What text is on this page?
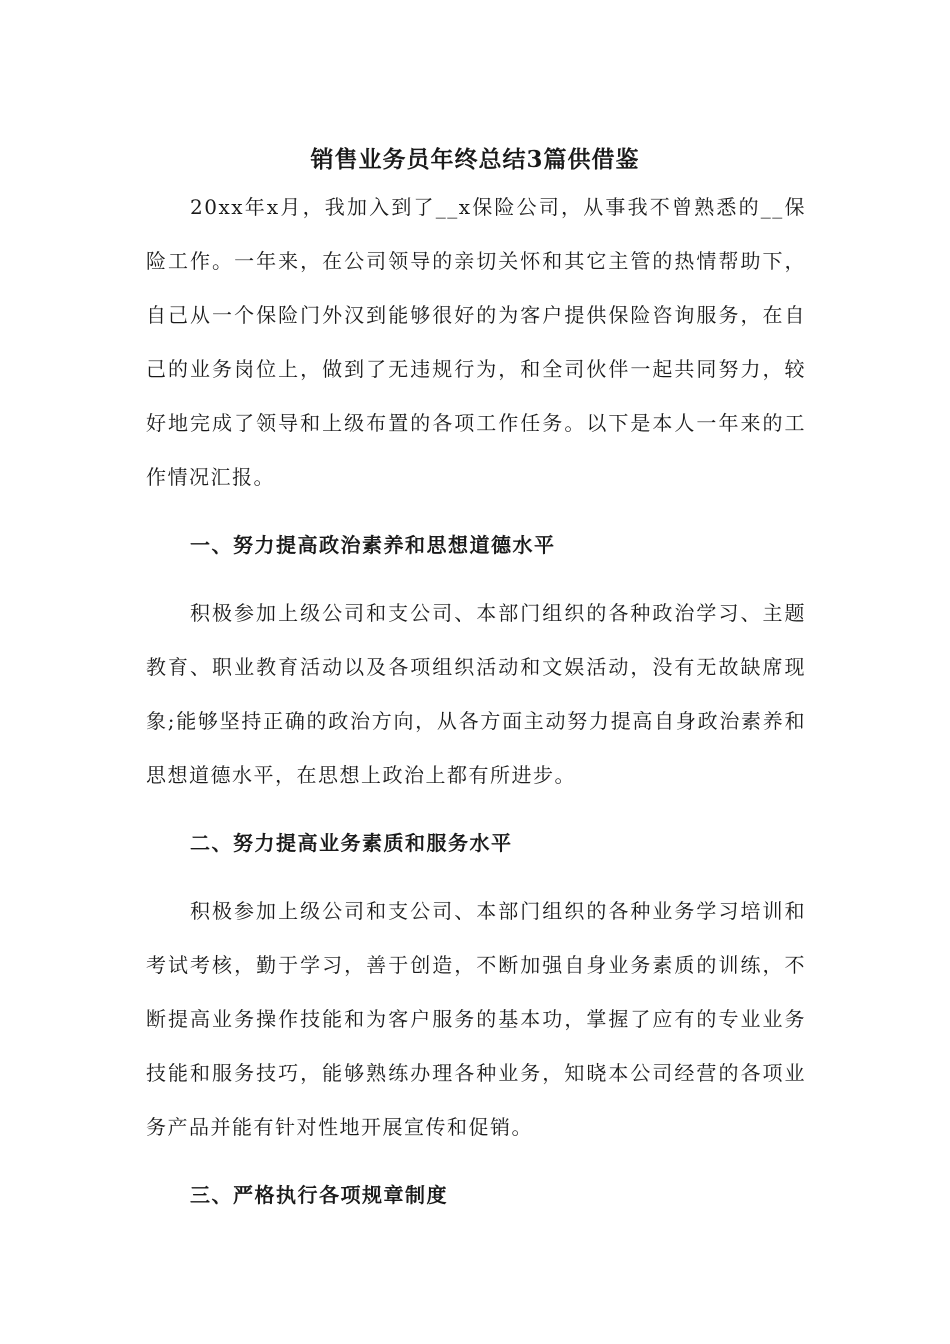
销售业务员年终总结3篇供借鉴

20xx年x月，我加入到了__x保险公司，从事我不曾熟悉的__保险工作。一年来，在公司领导的亲切关怀和其它主管的热情帮助下，自己从一个保险门外汉到能够很好的为客户提供保险咨询服务，在自己的业务岗位上，做到了无违规行为，和全司伙伴一起共同努力，较好地完成了领导和上级布置的各项工作任务。以下是本人一年来的工作情况汇报。

一、努力提高政治素养和思想道德水平

积极参加上级公司和支公司、本部门组织的各种政治学习、主题教育、职业教育活动以及各项组织活动和文娱活动，没有无故缺席现象;能够坚持正确的政治方向，从各方面主动努力提高自身政治素养和思想道德水平，在思想上政治上都有所进步。

二、努力提高业务素质和服务水平

积极参加上级公司和支公司、本部门组织的各种业务学习培训和考试考核，勤于学习，善于创造，不断加强自身业务素质的训练，不断提高业务操作技能和为客户服务的基本功，掌握了应有的专业业务技能和服务技巧，能够熟练办理各种业务，知晓本公司经营的各项业务产品并能有针对性地开展宣传和促销。

三、严格执行各项规章制度
